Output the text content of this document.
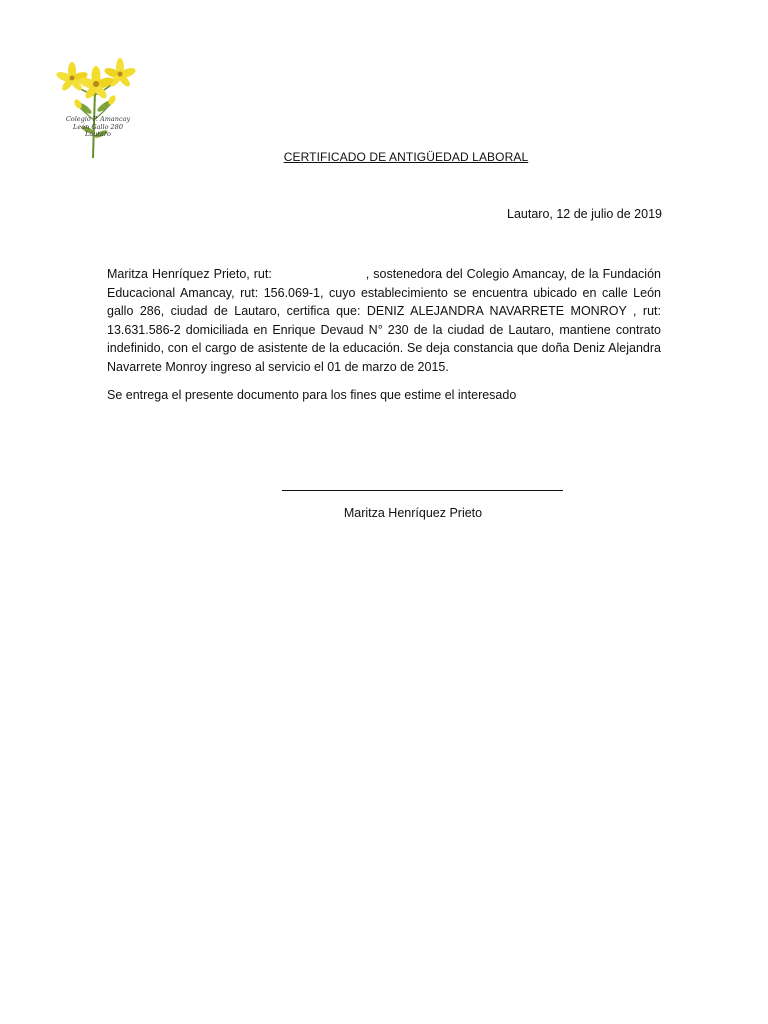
Colegio P. Amancay
León Gallo 280
Lautaro
CERTIFICADO DE ANTIGÜEDAD LABORAL
Lautaro, 12 de julio de 2019
Maritza Henríquez Prieto, rut:	, sostenedora del Colegio Amancay, de la Fundación Educacional Amancay, rut: 156.069-1, cuyo establecimiento se encuentra ubicado en calle León gallo 286, ciudad de Lautaro, certifica que: DENIZ ALEJANDRA NAVARRETE MONROY , rut: 13.631.586-2 domiciliada en Enrique Devaud N° 230 de la ciudad de Lautaro, mantiene contrato indefinido, con el cargo de asistente de la educación. Se deja constancia que doña Deniz Alejandra Navarrete Monroy ingreso al servicio el 01 de marzo de 2015.
Se entrega el presente documento para los fines que estime el interesado
Maritza Henríquez Prieto
